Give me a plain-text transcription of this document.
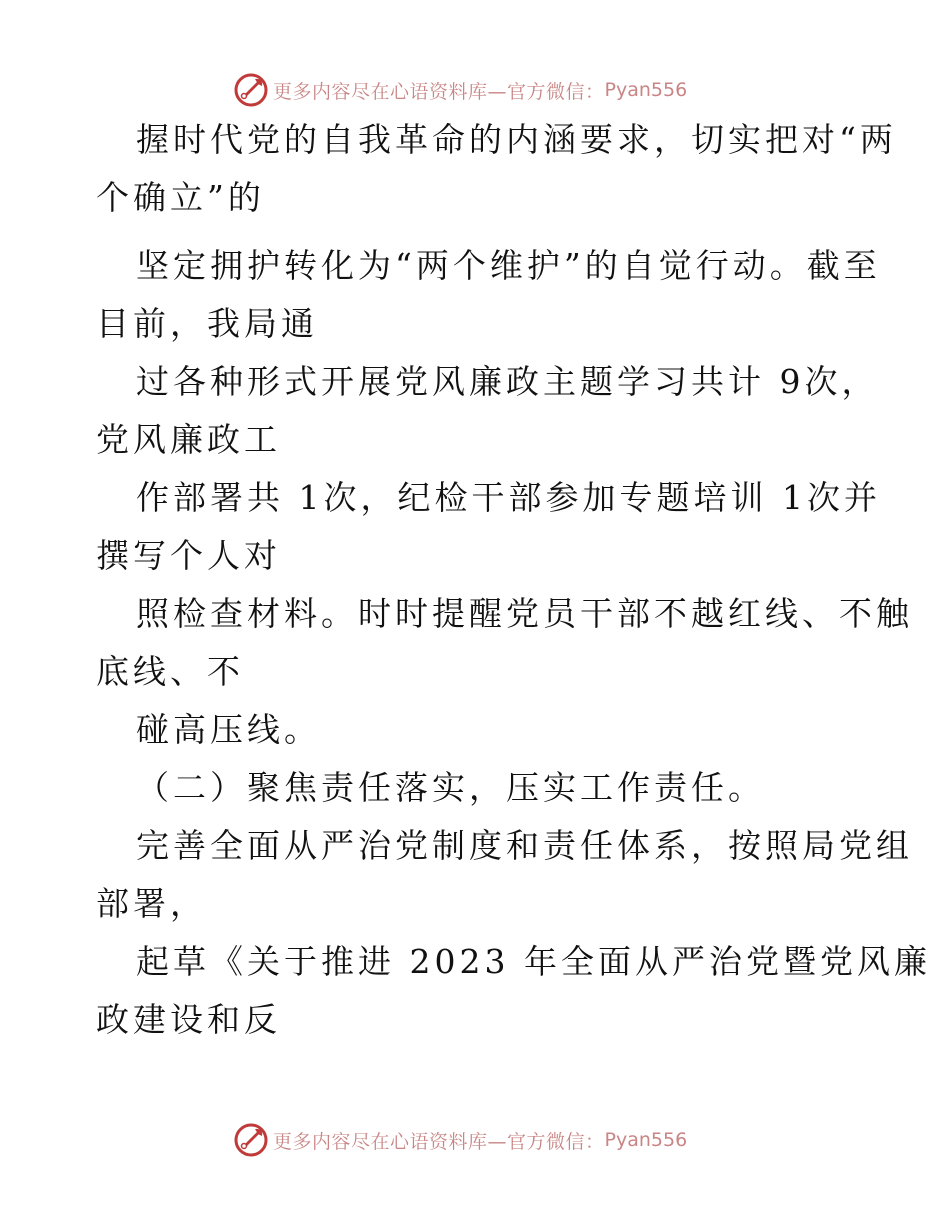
更多内容尽在心语资料库—官方微信： Pyan556
握时代党的自我革命的内涵要求，切实把对“两
个确立”的
坚定拥护转化为“两个维护”的自觉行动。截至
目前，我局通
过各种形式开展党风廉政主题学习共计 9次，
党风廉政工
作部署共 1次，纪检干部参加专题培训 1次并
撰写个人对
照检查材料。时时提醒党员干部不越红线、不触
底线、不
碰高压线。
（二）聚焦责任落实，压实工作责任。
完善全面从严治党制度和责任体系，按照局党组
部署，
起草《关于推进 2023 年全面从严治党暨党风廉
政建设和反
更多内容尽在心语资料库—官方微信： Pyan556
